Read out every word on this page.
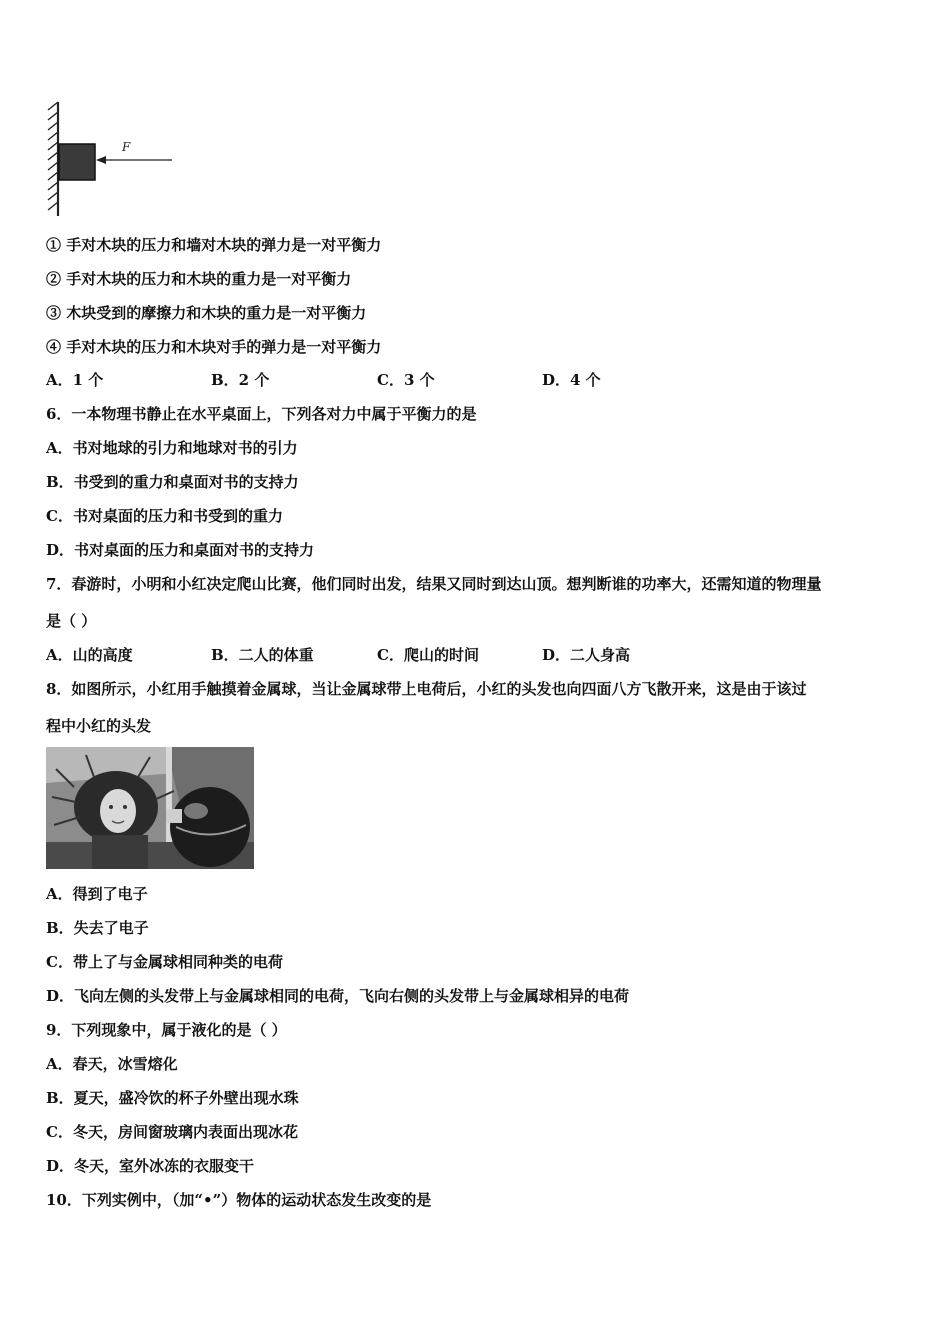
F
① 手对木块的压力和墙对木块的弹力是一对平衡力
② 手对木块的压力和木块的重力是一对平衡力
③ 木块受到的摩擦力和木块的重力是一对平衡力
④ 手对木块的压力和木块对手的弹力是一对平衡力
A．1 个	B．2 个	C．3 个	D．4 个
6．一本物理书静止在水平桌面上，下列各对力中属于平衡力的是
A．书对地球的引力和地球对书的引力
B．书受到的重力和桌面对书的支持力
C．书对桌面的压力和书受到的重力
D．书对桌面的压力和桌面对书的支持力
7．春游时，小明和小红决定爬山比赛，他们同时出发，结果又同时到达山顶。想判断谁的功率大，还需知道的物理量
是（ ）
A．山的高度	B．二人的体重	C．爬山的时间	D．二人身高
8．如图所示，小红用手触摸着金属球，当让金属球带上电荷后，小红的头发也向四面八方飞散开来，这是由于该过
程中小红的头发
A．得到了电子
B．失去了电子
C．带上了与金属球相同种类的电荷
D．飞向左侧的头发带上与金属球相同的电荷，飞向右侧的头发带上与金属球相异的电荷
9．下列现象中，属于液化的是（ ）
A．春天，冰雪熔化
B．夏天，盛冷饮的杯子外壁出现水珠
C．冬天，房间窗玻璃内表面出现冰花
D．冬天，室外冰冻的衣服变干
10．下列实例中，（加“•”）物体的运动状态发生改变的是
